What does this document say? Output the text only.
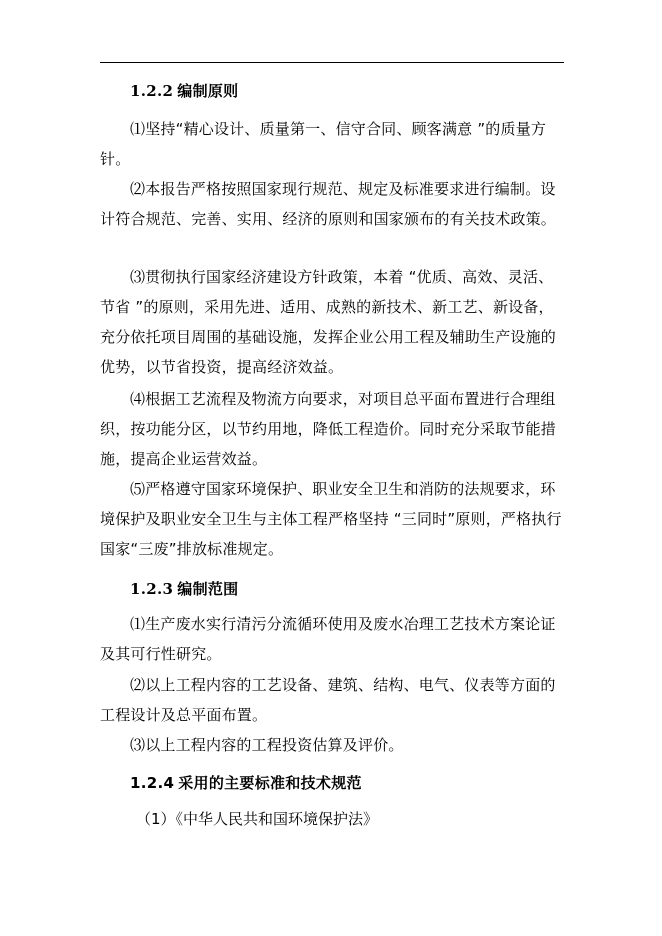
1.2.2 编制原则

⑴坚持“精心设计、质量第一、信守合同、顾客满意 ”的质量方针。

⑵本报告严格按照国家现行规范、规定及标准要求进行编制。设计符合规范、完善、实用、经济的原则和国家颁布的有关技术政策。

⑶贯彻执行国家经济建设方针政策，本着 “优质、高效、灵活、节省 ”的原则，采用先进、适用、成熟的新技术、新工艺、新设备，充分依托项目周围的基础设施，发挥企业公用工程及辅助生产设施的优势，以节省投资，提高经济效益。

⑷根据工艺流程及物流方向要求，对项目总平面布置进行合理组织，按功能分区，以节约用地，降低工程造价。同时充分采取节能措施，提高企业运营效益。

⑸严格遵守国家环境保护、职业安全卫生和消防的法规要求，环境保护及职业安全卫生与主体工程严格坚持 “三同时”原则，严格执行国家“三废”排放标准规定。

1.2.3 编制范围

⑴生产废水实行清污分流循环使用及废水冶理工艺技术方案论证及其可行性研究。

⑵以上工程内容的工艺设备、建筑、结构、电气、仪表等方面的工程设计及总平面布置。

⑶以上工程内容的工程投资估算及评价。

1.2.4 采用的主要标准和技术规范
（1）《中华人民共和国环境保护法》
